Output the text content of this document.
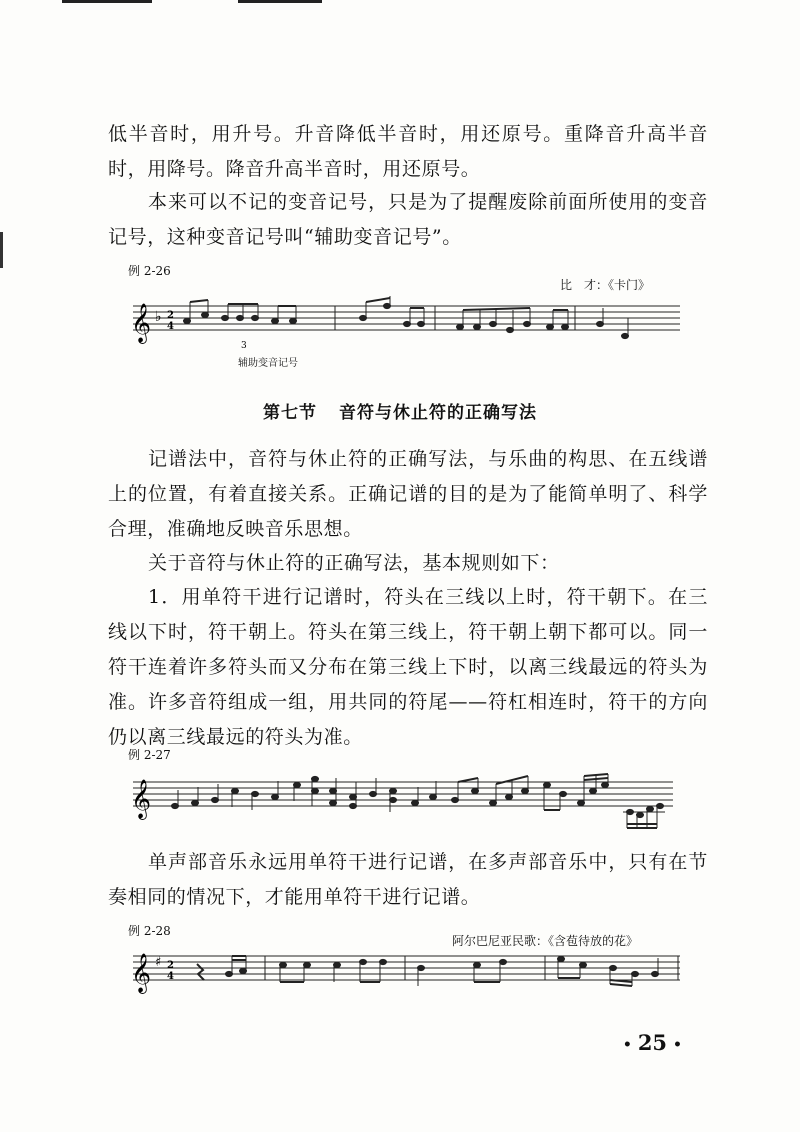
低半音时，用升号。升音降低半音时，用还原号。重降音升高半音时，用降号。降音升高半音时，用还原号。

本来可以不记的变音记号，只是为了提醒废除前面所使用的变音记号，这种变音记号叫“辅助变音记号”。

例 2-26
比　才：《卡门》
𝄞 ♭ 2
4
3
辅助变音记号
第七节 音符与休止符的正确写法

记谱法中，音符与休止符的正确写法，与乐曲的构思、在五线谱上的位置，有着直接关系。正确记谱的目的是为了能简单明了、科学合理，准确地反映音乐思想。

关于音符与休止符的正确写法，基本规则如下：

1．用单符干进行记谱时，符头在三线以上时，符干朝下。在三线以下时，符干朝上。符头在第三线上，符干朝上朝下都可以。同一符干连着许多符头而又分布在第三线上下时，以离三线最远的符头为准。许多音符组成一组，用共同的符尾——符杠相连时，符干的方向仍以离三线最远的符头为准。

例 2-27
𝄞

单声部音乐永远用单符干进行记谱，在多声部音乐中，只有在节奏相同的情况下，才能用单符干进行记谱。

例 2-28
阿尔巴尼亚民歌：《含苞待放的花》
𝄞 ♯ 2
4
• 25 •
